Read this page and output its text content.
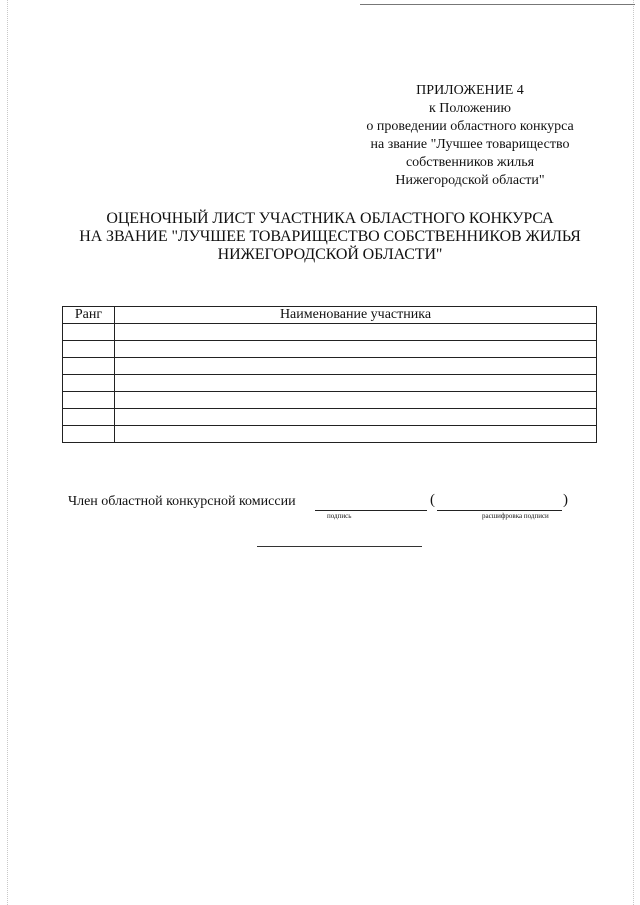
ПРИЛОЖЕНИЕ 4
к Положению
о проведении областного конкурса
на звание "Лучшее товарищество
собственников жилья
Нижегородской области"
ОЦЕНОЧНЫЙ ЛИСТ УЧАСТНИКА ОБЛАСТНОГО КОНКУРСА
НА ЗВАНИЕ "ЛУЧШЕЕ ТОВАРИЩЕСТВО СОБСТВЕННИКОВ ЖИЛЬЯ
НИЖЕГОРОДСКОЙ ОБЛАСТИ"
Ранг	Наименование участника

Член областной конкурсной комиссии	(	)
подпись	расшифровка подписи
